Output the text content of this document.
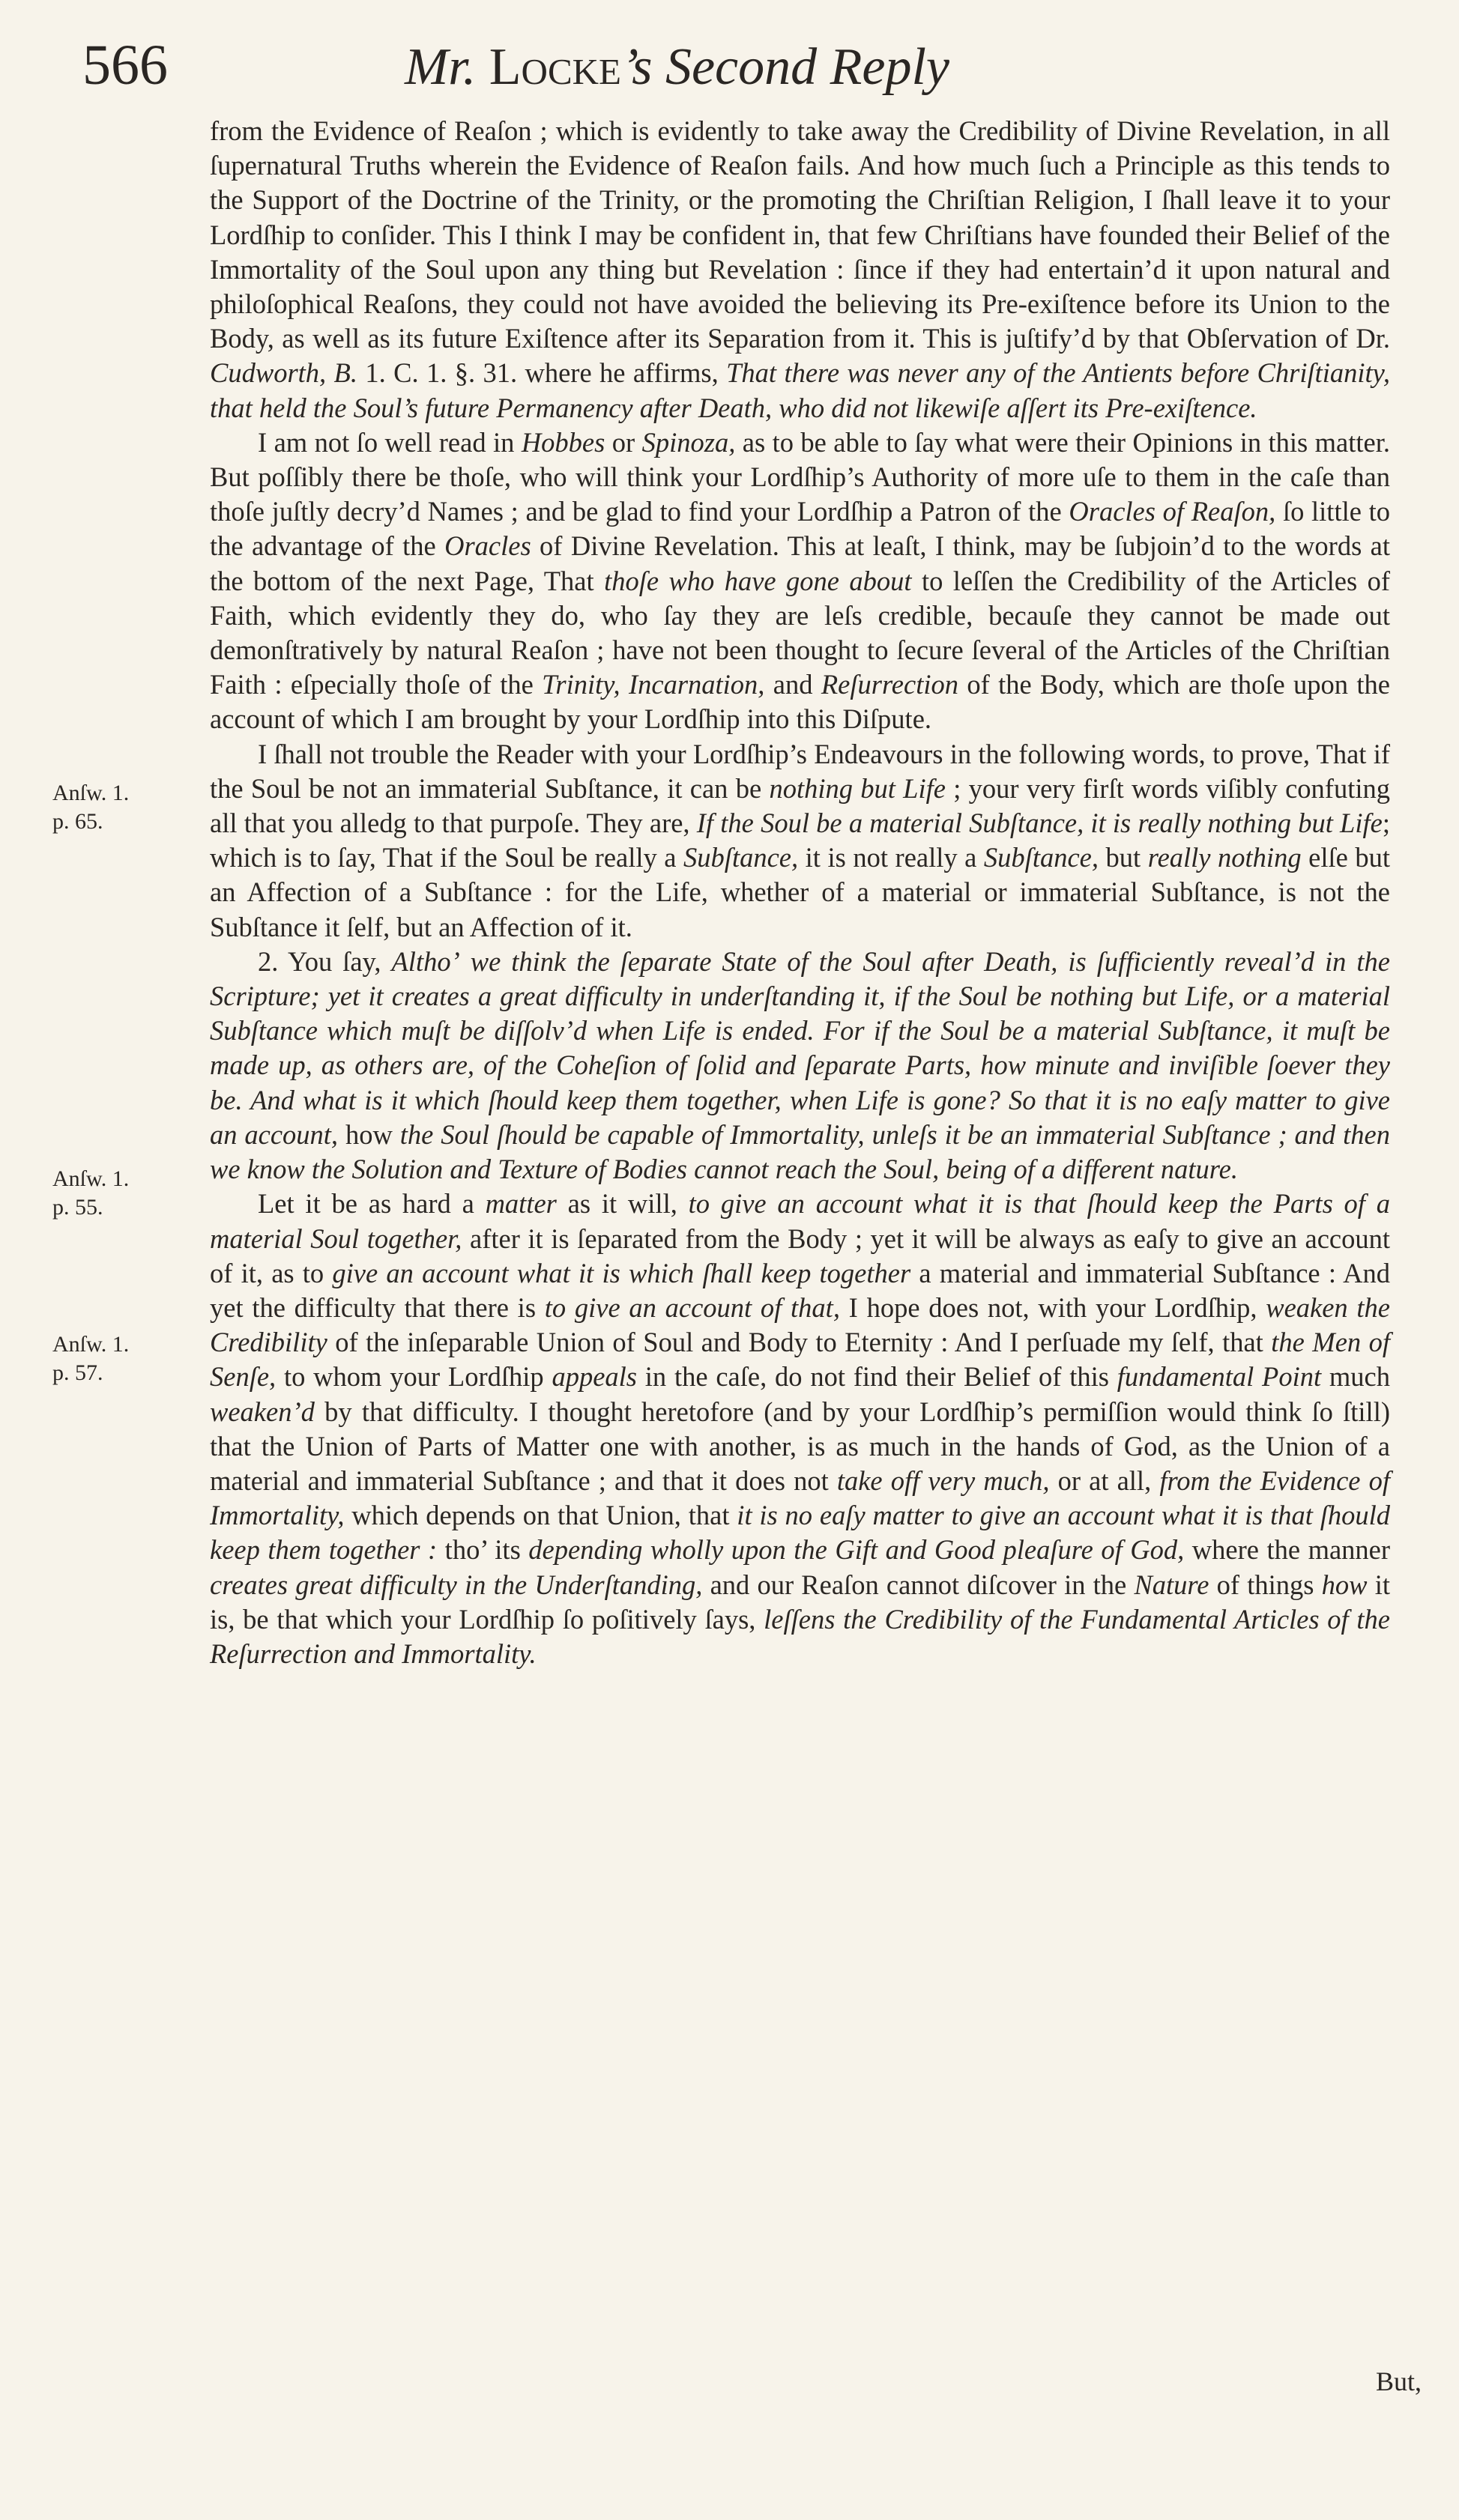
566	Mr. Locke’s Second Reply
Anſw. 1.
p. 65.
Anſw. 1.
p. 55.
Anſw. 1.
p. 57.

from the Evidence of Reaſon ; which is evidently to take away the Credibility of Divine Revelation, in all ſupernatural Truths wherein the Evidence of Reaſon fails. And how much ſuch a Principle as this tends to the Support of the Doctrine of the Trinity, or the promoting the Chriſtian Religion, I ſhall leave it to your Lordſhip to conſider. This I think I may be confident in, that few Chriſtians have founded their Belief of the Immortality of the Soul upon any thing but Revelation : ſince if they had entertain’d it upon natural and philoſophical Reaſons, they could not have avoided the believing its Pre-exiſtence before its Union to the Body, as well as its future Exiſtence after its Separation from it. This is juſtify’d by that Obſervation of Dr. Cudworth, B. 1. C. 1. §. 31. where he affirms, That there was never any of the Antients before Chriſtianity, that held the Soul’s future Permanency after Death, who did not likewiſe aſſert its Pre-exiſtence.

I am not ſo well read in Hobbes or Spinoza, as to be able to ſay what were their Opinions in this matter. But poſſibly there be thoſe, who will think your Lordſhip’s Authority of more uſe to them in the caſe than thoſe juſtly decry’d Names ; and be glad to find your Lordſhip a Patron of the Oracles of Reaſon, ſo little to the advantage of the Oracles of Divine Revelation. This at leaſt, I think, may be ſubjoin’d to the words at the bottom of the next Page, That thoſe who have gone about to leſſen the Credibility of the Articles of Faith, which evidently they do, who ſay they are leſs credible, becauſe they cannot be made out demonſtratively by natural Reaſon ; have not been thought to ſecure ſeveral of the Articles of the Chriſtian Faith : eſpecially thoſe of the Trinity, Incarnation, and Reſurrection of the Body, which are thoſe upon the account of which I am brought by your Lordſhip into this Diſpute.

I ſhall not trouble the Reader with your Lordſhip’s Endeavours in the following words, to prove, That if the Soul be not an immaterial Subſtance, it can be nothing but Life ; your very firſt words viſibly confuting all that you alledg to that purpoſe. They are, If the Soul be a material Subſtance, it is really nothing but Life; which is to ſay, That if the Soul be really a Subſtance, it is not really a Subſtance, but really nothing elſe but an Affection of a Subſtance : for the Life, whether of a material or immaterial Subſtance, is not the Subſtance it ſelf, but an Affection of it.

2. You ſay, Altho’ we think the ſeparate State of the Soul after Death, is ſufficiently reveal’d in the Scripture; yet it creates a great difficulty in underſtanding it, if the Soul be nothing but Life, or a material Subſtance which muſt be diſſolv’d when Life is ended. For if the Soul be a material Subſtance, it muſt be made up, as others are, of the Coheſion of ſolid and ſeparate Parts, how minute and inviſible ſoever they be. And what is it which ſhould keep them together, when Life is gone? So that it is no eaſy matter to give an account, how the Soul ſhould be capable of Immortality, unleſs it be an immaterial Subſtance ; and then we know the Solution and Texture of Bodies cannot reach the Soul, being of a different nature.

Let it be as hard a matter as it will, to give an account what it is that ſhould keep the Parts of a material Soul together, after it is ſeparated from the Body ; yet it will be always as eaſy to give an account of it, as to give an account what it is which ſhall keep together a material and immaterial Subſtance : And yet the difficulty that there is to give an account of that, I hope does not, with your Lordſhip, weaken the Credibility of the inſeparable Union of Soul and Body to Eternity : And I perſuade my ſelf, that the Men of Senſe, to whom your Lordſhip appeals in the caſe, do not find their Belief of this fundamental Point much weaken’d by that difficulty. I thought heretofore (and by your Lordſhip’s permiſſion would think ſo ſtill) that the Union of Parts of Matter one with another, is as much in the hands of God, as the Union of a material and immaterial Subſtance ; and that it does not take off very much, or at all, from the Evidence of Immortality, which depends on that Union, that it is no eaſy matter to give an account what it is that ſhould keep them together : tho’ its depending wholly upon the Gift and Good pleaſure of God, where the manner creates great difficulty in the Underſtanding, and our Reaſon cannot diſcover in the Nature of things how it is, be that which your Lordſhip ſo poſitively ſays, leſſens the Credibility of the Fundamental Articles of the Reſurrection and Immortality.

But,
